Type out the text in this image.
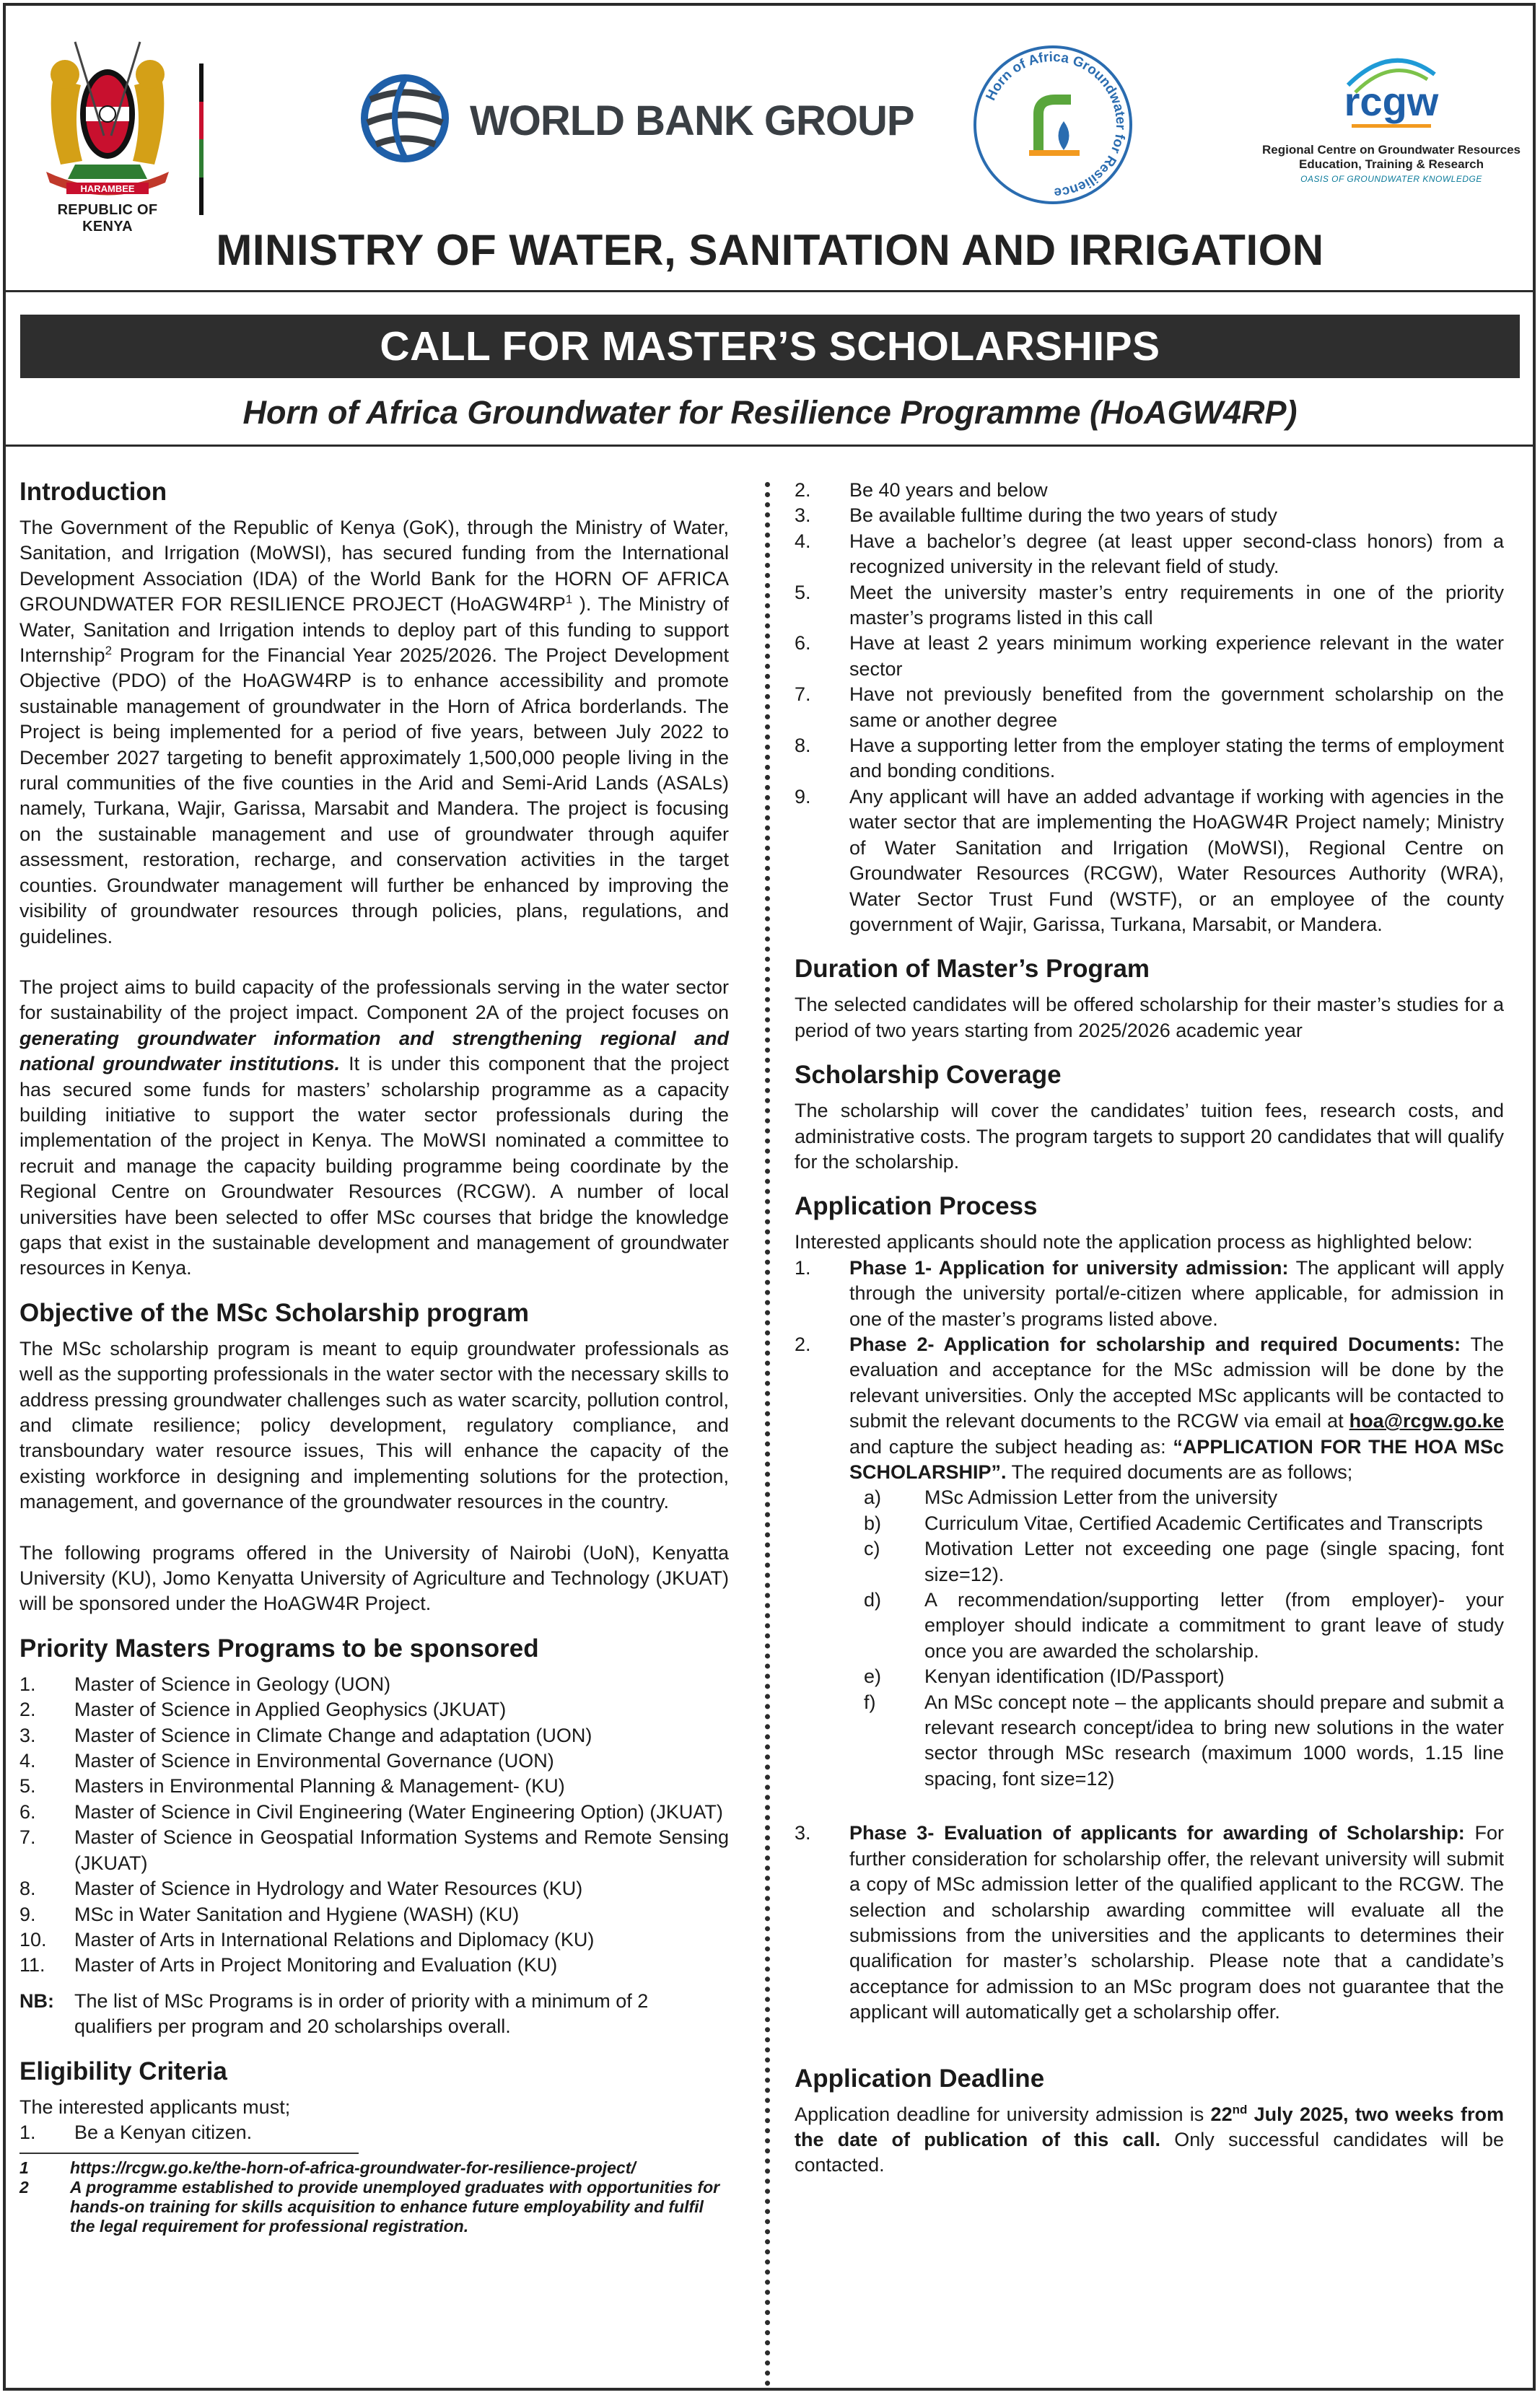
HARAMBEE
REPUBLIC OF KENYA
WORLD BANK GROUP
Horn of Africa Groundwater for Resilience
rcgw
Regional Centre on Groundwater Resources Education, Training & Research
OASIS OF GROUNDWATER KNOWLEDGE
MINISTRY OF WATER, SANITATION AND IRRIGATION
CALL FOR MASTER’S SCHOLARSHIPS
Horn of Africa Groundwater for Resilience Programme (HoAGW4RP)
Introduction

The Government of the Republic of Kenya (GoK), through the Ministry of Water, Sanitation, and Irrigation (MoWSI), has secured funding from the International Development Association (IDA) of the World Bank for the HORN OF AFRICA GROUNDWATER FOR RESILIENCE PROJECT ($HoAGW4RP^1$ ). The Ministry of Water, Sanitation and Irrigation intends to deploy part of this funding to support Internship$^2$ Program for the Financial Year 2025/2026. The Project Development Objective (PDO) of the HoAGW4RP is to enhance accessibility and promote sustainable management of groundwater in the Horn of Africa borderlands. The Project is being implemented for a period of five years, between July 2022 to December 2027 targeting to benefit approximately 1,500,000 people living in the rural communities of the five counties in the Arid and Semi-Arid Lands (ASALs) namely, Turkana, Wajir, Garissa, Marsabit and Mandera. The project is focusing on the sustainable management and use of groundwater through aquifer assessment, restoration, recharge, and conservation activities in the target counties. Groundwater management will further be enhanced by improving the visibility of groundwater resources through policies, plans, regulations, and guidelines.

The project aims to build capacity of the professionals serving in the water sector for sustainability of the project impact. Component 2A of the project focuses on generating groundwater information and strengthening regional and national groundwater institutions. It is under this component that the project has secured some funds for masters’ scholarship programme as a capacity building initiative to support the water sector professionals during the implementation of the project in Kenya. The MoWSI nominated a committee to recruit and manage the capacity building programme being coordinate by the Regional Centre on Groundwater Resources (RCGW). A number of local universities have been selected to offer MSc courses that bridge the knowledge gaps that exist in the sustainable development and management of groundwater resources in Kenya.

Objective of the MSc Scholarship program

The MSc scholarship program is meant to equip groundwater professionals as well as the supporting professionals in the water sector with the necessary skills to address pressing groundwater challenges such as water scarcity, pollution control, and climate resilience; policy development, regulatory compliance, and transboundary water resource issues, This will enhance the capacity of the existing workforce in designing and implementing solutions for the protection, management, and governance of the groundwater resources in the country.

The following programs offered in the University of Nairobi (UoN), Kenyatta University (KU), Jomo Kenyatta University of Agriculture and Technology (JKUAT) will be sponsored under the HoAGW4R Project.

Priority Masters Programs to be sponsored
1. Master of Science in Geology (UON)
2. Master of Science in Applied Geophysics (JKUAT)
3. Master of Science in Climate Change and adaptation (UON)
4. Master of Science in Environmental Governance (UON)
5. Masters in Environmental Planning & Management- (KU)
6. Master of Science in Civil Engineering (Water Engineering Option) (JKUAT)
7. Master of Science in Geospatial Information Systems and Remote Sensing (JKUAT)
8. Master of Science in Hydrology and Water Resources (KU)
9. MSc in Water Sanitation and Hygiene (WASH) (KU)
10. Master of Arts in International Relations and Diplomacy (KU)
11. Master of Arts in Project Monitoring and Evaluation (KU)
NB: The list of MSc Programs is in order of priority with a minimum of 2 qualifiers per program and 20 scholarships overall.
Eligibility Criteria

The interested applicants must;

1. Be a Kenyan citizen.
1 https://rcgw.go.ke/the-horn-of-africa-groundwater-for-resilience-project/
2 A programme established to provide unemployed graduates with opportunities for hands-on training for skills acquisition to enhance future employability and fulfil the legal requirement for professional registration.
2. Be 40 years and below
3. Be available fulltime during the two years of study
4. Have a bachelor’s degree (at least upper second-class honors) from a recognized university in the relevant field of study.
5. Meet the university master’s entry requirements in one of the priority master’s programs listed in this call
6. Have at least 2 years minimum working experience relevant in the water sector
7. Have not previously benefited from the government scholarship on the same or another degree
8. Have a supporting letter from the employer stating the terms of employment and bonding conditions.
9. Any applicant will have an added advantage if working with agencies in the water sector that are implementing the HoAGW4R Project namely; Ministry of Water Sanitation and Irrigation (MoWSI), Regional Centre on Groundwater Resources (RCGW), Water Resources Authority (WRA), Water Sector Trust Fund (WSTF), or an employee of the county government of Wajir, Garissa, Turkana, Marsabit, or Mandera.
Duration of Master’s Program

The selected candidates will be offered scholarship for their master’s studies for a period of two years starting from 2025/2026 academic year

Scholarship Coverage

The scholarship will cover the candidates’ tuition fees, research costs, and administrative costs. The program targets to support 20 candidates that will qualify for the scholarship.

Application Process

Interested applicants should note the application process as highlighted below:

1. Phase 1- Application for university admission: The applicant will apply through the university portal/e-citizen where applicable, for admission in one of the master’s programs listed above.
2. Phase 2- Application for scholarship and required Documents: The evaluation and acceptance for the MSc admission will be done by the relevant universities. Only the accepted MSc applicants will be contacted to submit the relevant documents to the RCGW via email at hoa@rcgw.go.ke and capture the subject heading as: “APPLICATION FOR THE HOA MSc SCHOLARSHIP”. The required documents are as follows;
a) MSc Admission Letter from the university
b) Curriculum Vitae, Certified Academic Certificates and Transcripts
c) Motivation Letter not exceeding one page (single spacing, font size=12).
d) A recommendation/supporting letter (from employer)- your employer should indicate a commitment to grant leave of study once you are awarded the scholarship.
e) Kenyan identification (ID/Passport)
f)	An MSc concept note – the applicants should prepare and submit a relevant research concept/idea to bring new solutions in the water sector through MSc research (maximum 1000 words, 1.15 line spacing, font size=12)
3. Phase 3- Evaluation of applicants for awarding of Scholarship: For further consideration for scholarship offer, the relevant university will submit a copy of MSc admission letter of the qualified applicant to the RCGW. The selection and scholarship awarding committee will evaluate all the submissions from the universities and the applicants to determines their qualification for master’s scholarship. Please note that a candidate’s acceptance for admission to an MSc program does not guarantee that the applicant will automatically get a scholarship offer.
Application Deadline

Application deadline for university admission is 22nd July 2025, two weeks from the date of publication of this call. Only successful candidates will be contacted.
